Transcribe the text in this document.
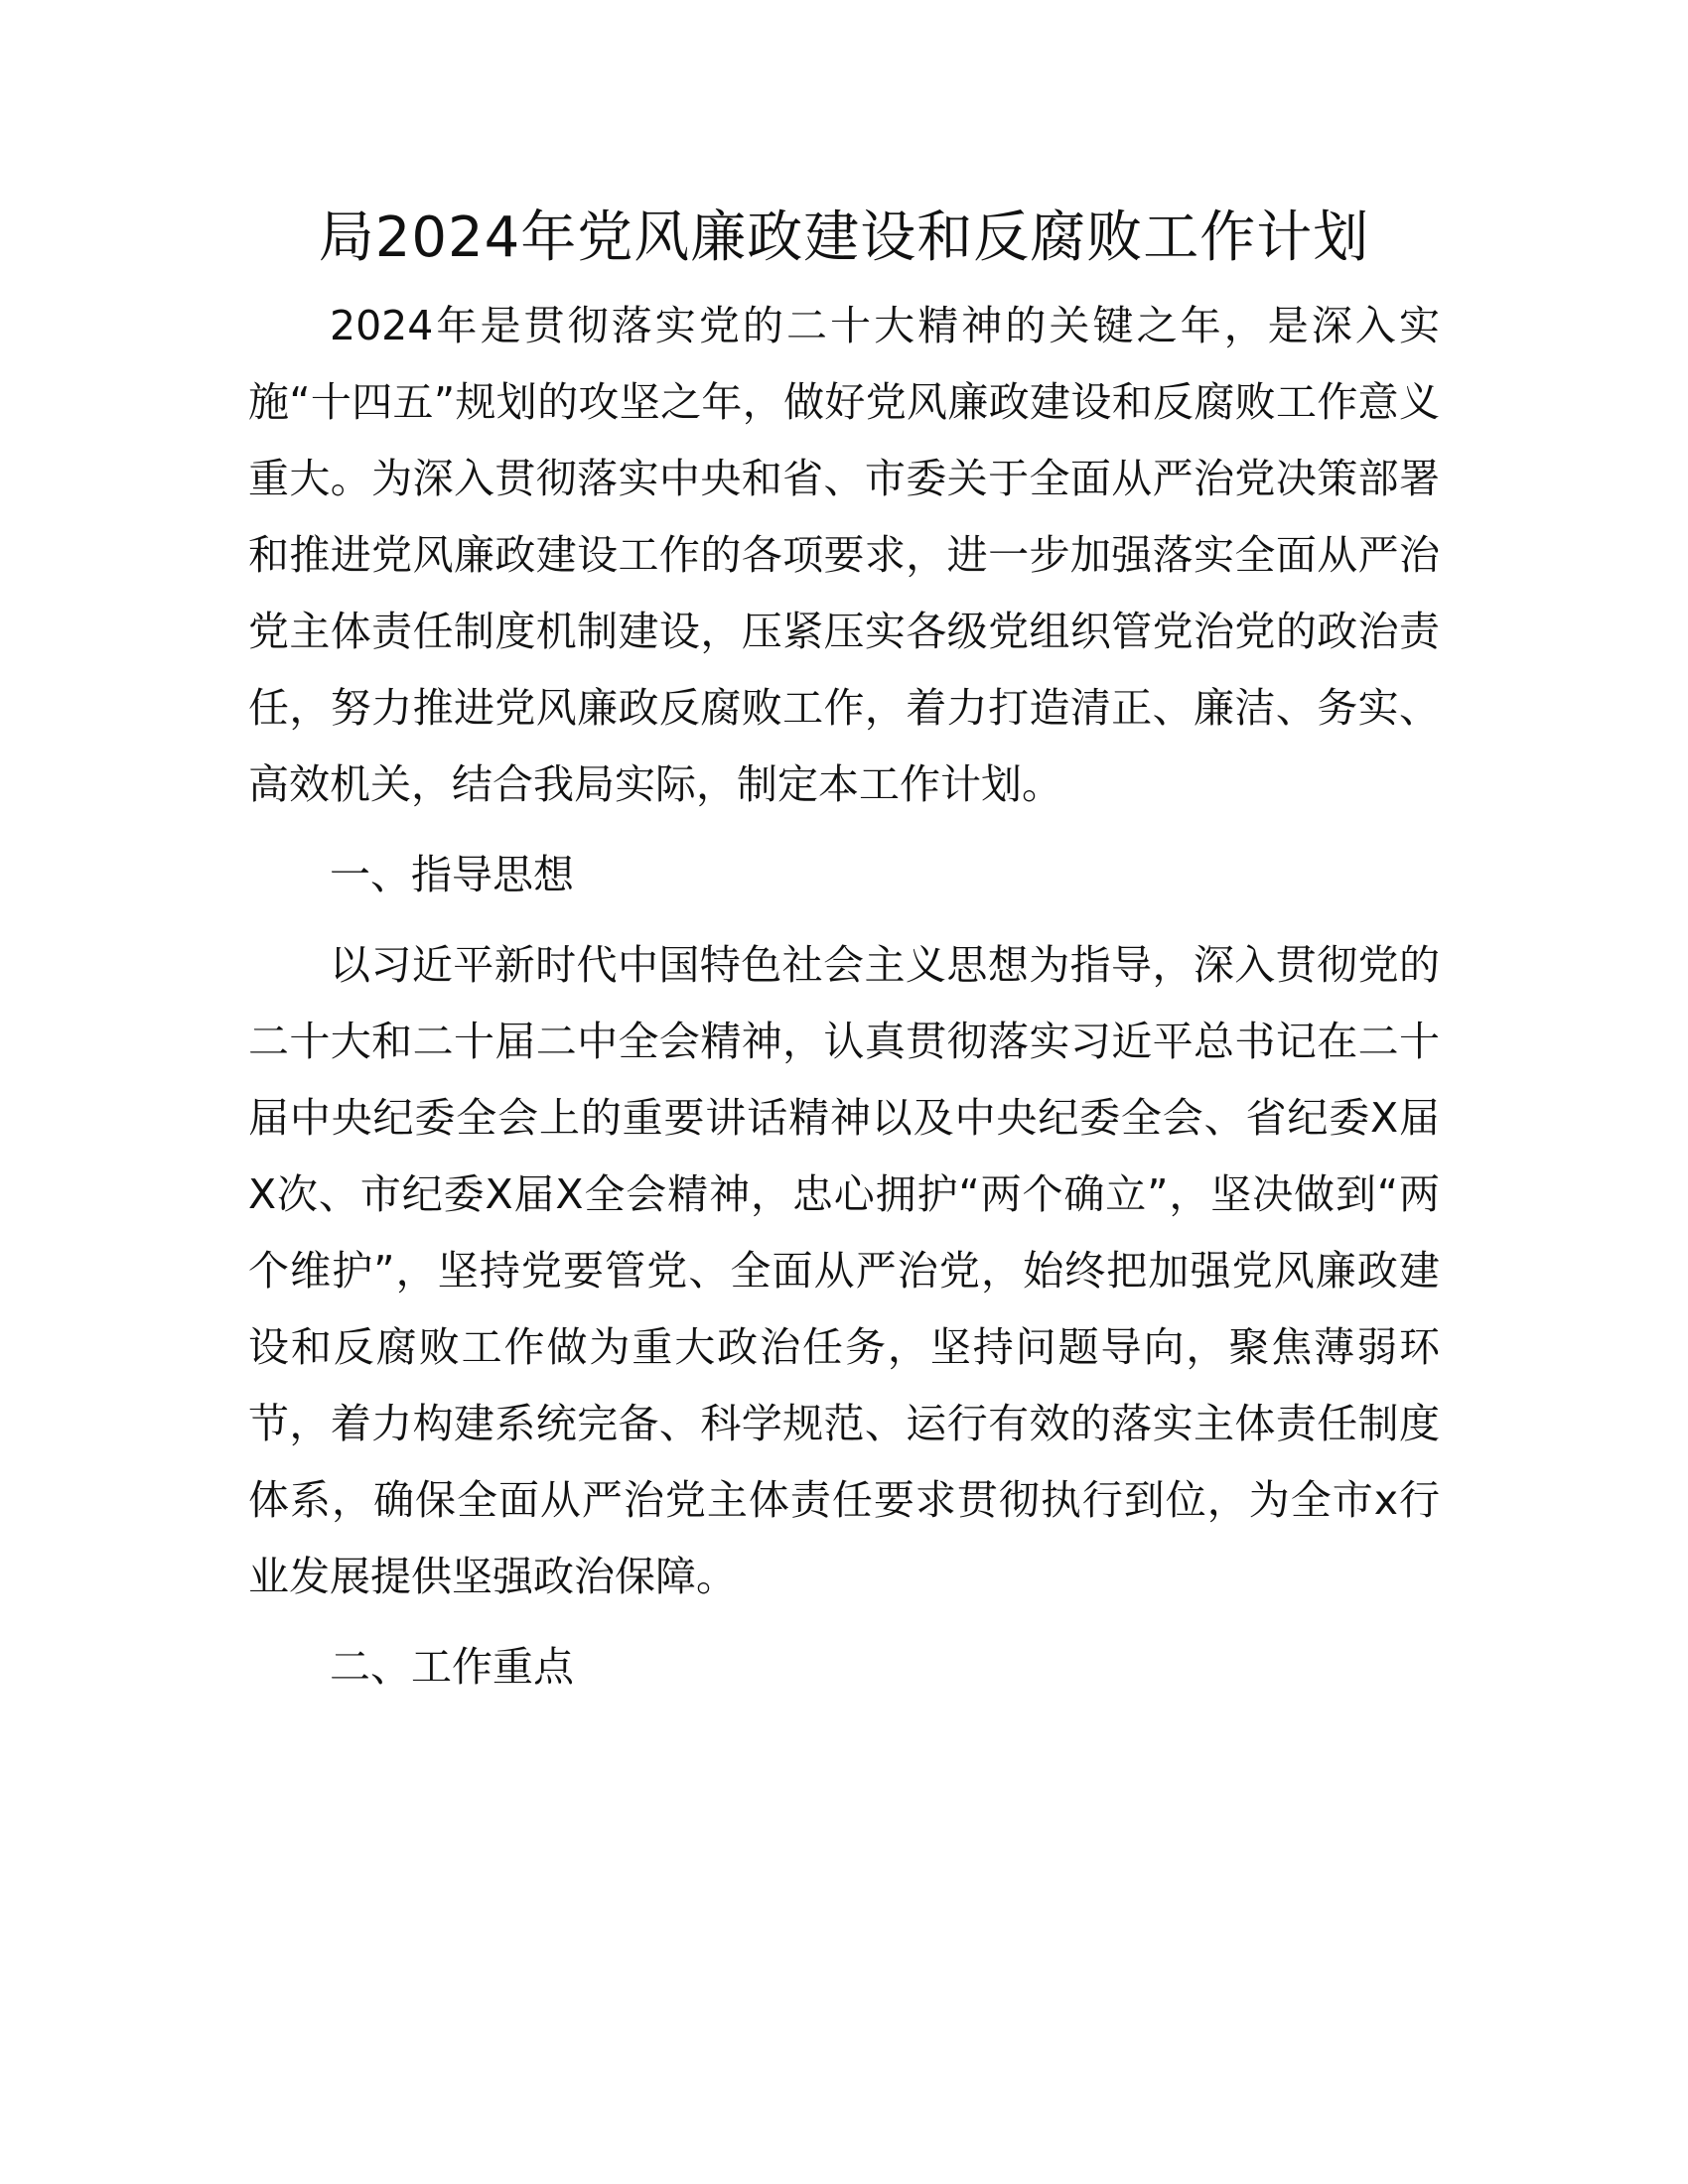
局2024年党风廉政建设和反腐败工作计划

2024年是贯彻落实党的二十大精神的关键之年，是深入实施“十四五”规划的攻坚之年，做好党风廉政建设和反腐败工作意义重大。为深入贯彻落实中央和省、市委关于全面从严治党决策部署和推进党风廉政建设工作的各项要求，进一步加强落实全面从严治党主体责任制度机制建设，压紧压实各级党组织管党治党的政治责任，努力推进党风廉政反腐败工作，着力打造清正、廉洁、务实、高效机关，结合我局实际，制定本工作计划。

一、指导思想

以习近平新时代中国特色社会主义思想为指导，深入贯彻党的二十大和二十届二中全会精神，认真贯彻落实习近平总书记在二十届中央纪委全会上的重要讲话精神以及中央纪委全会、省纪委X届X次、市纪委X届X全会精神，忠心拥护“两个确立”，坚决做到“两个维护”，坚持党要管党、全面从严治党，始终把加强党风廉政建设和反腐败工作做为重大政治任务，坚持问题导向，聚焦薄弱环节，着力构建系统完备、科学规范、运行有效的落实主体责任制度体系，确保全面从严治党主体责任要求贯彻执行到位，为全市x行业发展提供坚强政治保障。

二、工作重点
